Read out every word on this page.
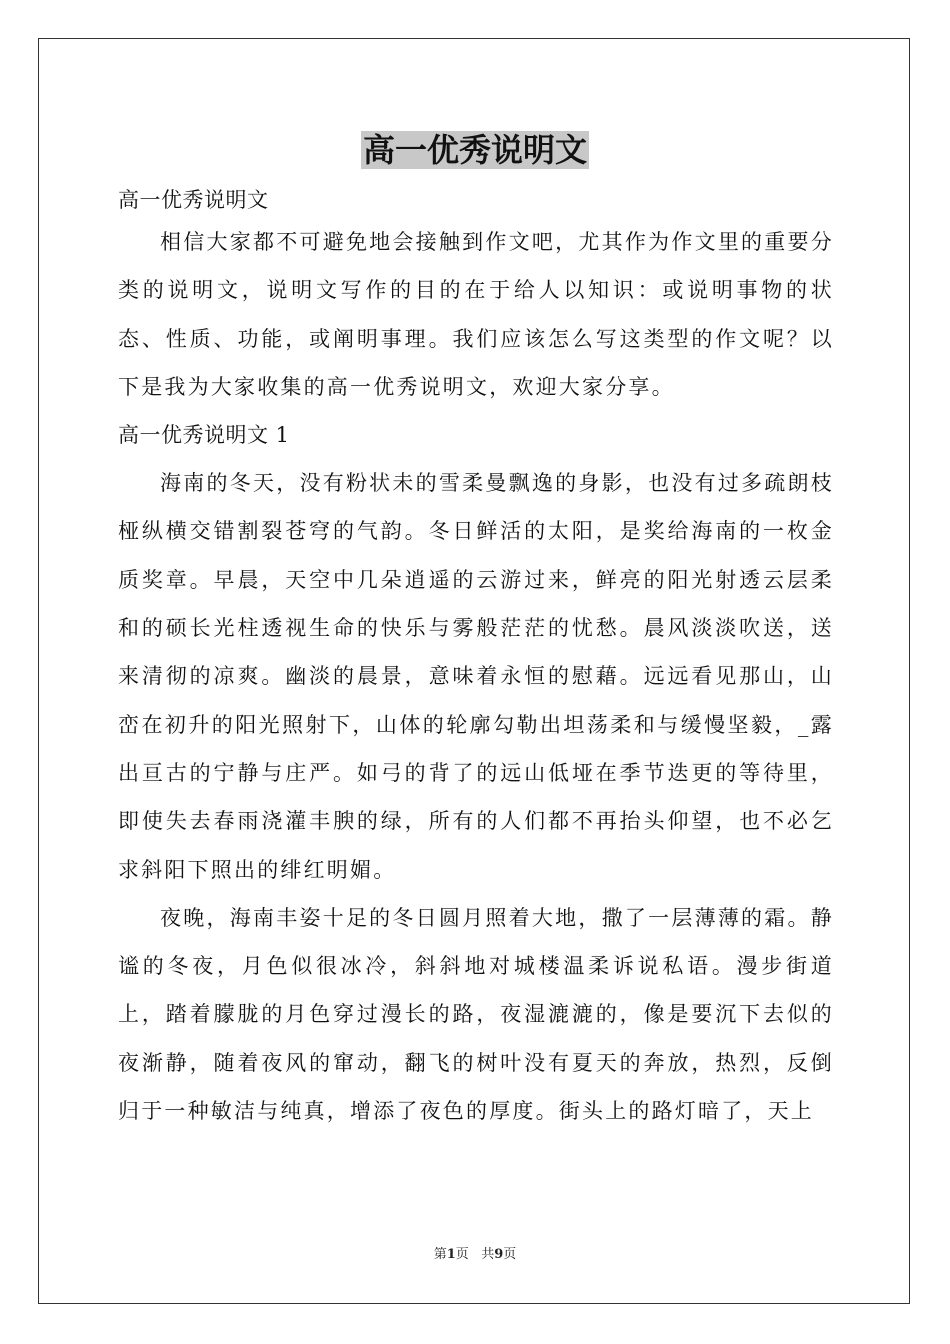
高一优秀说明文

高一优秀说明文

相信大家都不可避免地会接触到作文吧，尤其作为作文里的重要分类的说明文，说明文写作的目的在于给人以知识：或说明事物的状态、性质、功能，或阐明事理。我们应该怎么写这类型的作文呢？以下是我为大家收集的高一优秀说明文，欢迎大家分享。

高一优秀说明文 1

海南的冬天，没有粉状未的雪柔曼飘逸的身影，也没有过多疏朗枝桠纵横交错割裂苍穹的气韵。冬日鲜活的太阳，是奖给海南的一枚金质奖章。早晨，天空中几朵逍遥的云游过来，鲜亮的阳光射透云层柔和的硕长光柱透视生命的快乐与雾般茫茫的忧愁。晨风淡淡吹送，送来清彻的凉爽。幽淡的晨景，意味着永恒的慰藉。远远看见那山，山峦在初升的阳光照射下，山体的轮廓勾勒出坦荡柔和与缓慢坚毅，_露出亘古的宁静与庄严。如弓的背了的远山低垭在季节迭更的等待里，即使失去春雨浇灌丰腴的绿，所有的人们都不再抬头仰望，也不必乞求斜阳下照出的绯红明媚。

夜晚，海南丰姿十足的冬日圆月照着大地，撒了一层薄薄的霜。静谧的冬夜，月色似很冰冷，斜斜地对城楼温柔诉说私语。漫步街道上，踏着朦胧的月色穿过漫长的路，夜湿漉漉的，像是要沉下去似的夜渐静，随着夜风的窜动，翻飞的树叶没有夏天的奔放，热烈，反倒归于一种敏洁与纯真，增添了夜色的厚度。街头上的路灯暗了，天上

第1页 共9页
